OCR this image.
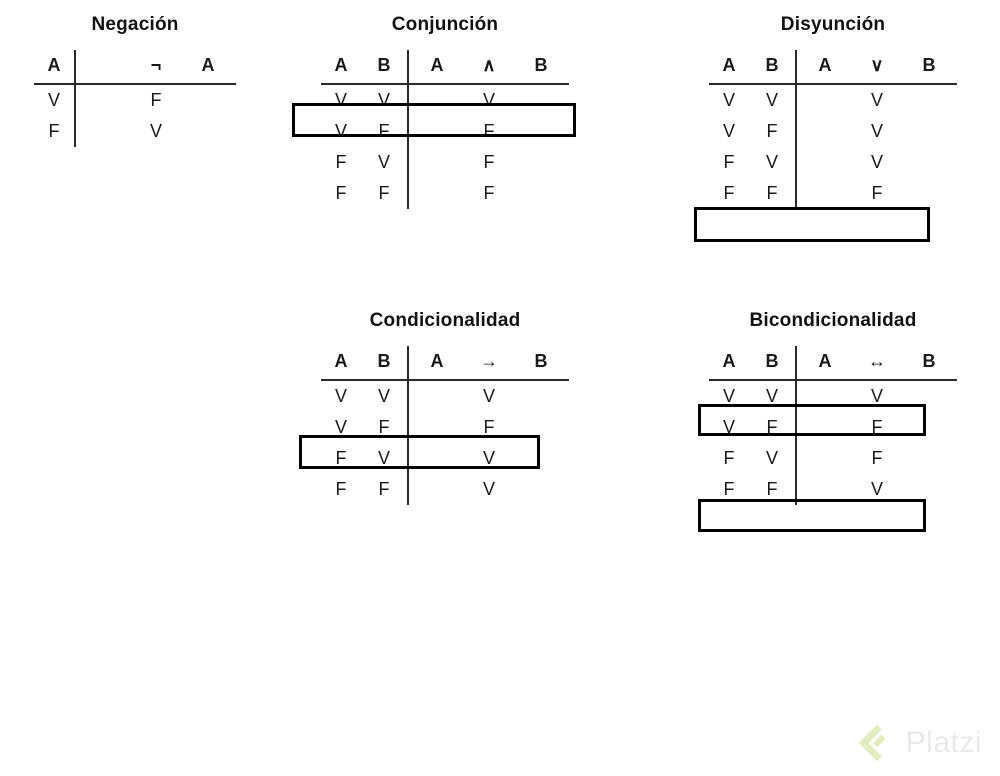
Negación
A		¬	A
V	F		
F	V		
Conjunción
A	B	A	∧	B
V	V	V		
V	F	F		
F	V	F		
F	F	F		
Disyunción
A	B	A	∨	B
V	V	V		
V	F	V		
F	V	V		
F	F	F		
Condicionalidad
A	B	A	→	B
V	V	V		
V	F	F		
F	V	V		
F	F	V		
Bicondicionalidad
A	B	A	↔	B
V	V	V		
V	F	F		
F	V	F		
F	F	V		
Platzi
